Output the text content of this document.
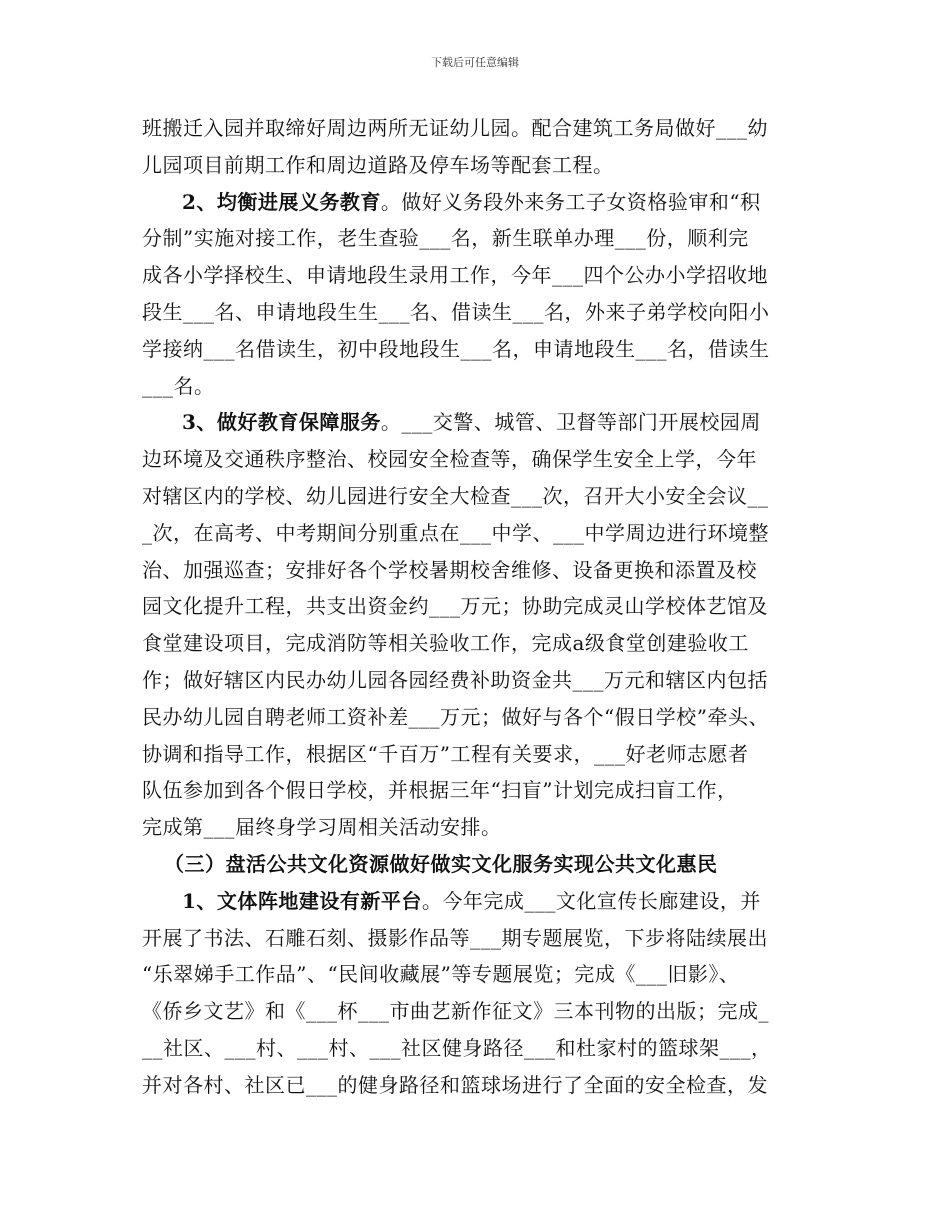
下载后可任意编辑
班搬迁入园并取缔好周边两所无证幼儿园。配合建筑工务局做好___幼
儿园项目前期工作和周边道路及停车场等配套工程。
2、均衡进展义务教育。做好义务段外来务工子女资格验审和“积
分制”实施对接工作，老生查验___名，新生联单办理___份，顺利完
成各小学择校生、申请地段生录用工作，今年___四个公办小学招收地
段生___名、申请地段生生___名、借读生___名，外来子弟学校向阳小
学接纳___名借读生，初中段地段生___名，申请地段生___名，借读生
___名。
3、做好教育保障服务。___交警、城管、卫督等部门开展校园周
边环境及交通秩序整治、校园安全检查等，确保学生安全上学，今年
对辖区内的学校、幼儿园进行安全大检查___次，召开大小安全会议__
_次，在高考、中考期间分别重点在___中学、___中学周边进行环境整
治、加强巡查；安排好各个学校暑期校舍维修、设备更换和添置及校
园文化提升工程，共支出资金约___万元；协助完成灵山学校体艺馆及
食堂建设项目，完成消防等相关验收工作，完成a级食堂创建验收工
作；做好辖区内民办幼儿园各园经费补助资金共___万元和辖区内包括
民办幼儿园自聘老师工资补差___万元；做好与各个“假日学校”牵头、
协调和指导工作，根据区“千百万”工程有关要求，___好老师志愿者
队伍参加到各个假日学校，并根据三年“扫盲”计划完成扫盲工作，
完成第___届终身学习周相关活动安排。
（三）盘活公共文化资源做好做实文化服务实现公共文化惠民
1、文体阵地建设有新平台。今年完成___文化宣传长廊建设，并
开展了书法、石雕石刻、摄影作品等___期专题展览，下步将陆续展出
“乐翠娣手工作品”、“民间收藏展”等专题展览；完成《___旧影》、
《侨乡文艺》和《___杯___市曲艺新作征文》三本刊物的出版；完成_
__社区、___村、___村、___社区健身路径___和杜家村的篮球架___，
并对各村、社区已___的健身路径和篮球场进行了全面的安全检查，发
